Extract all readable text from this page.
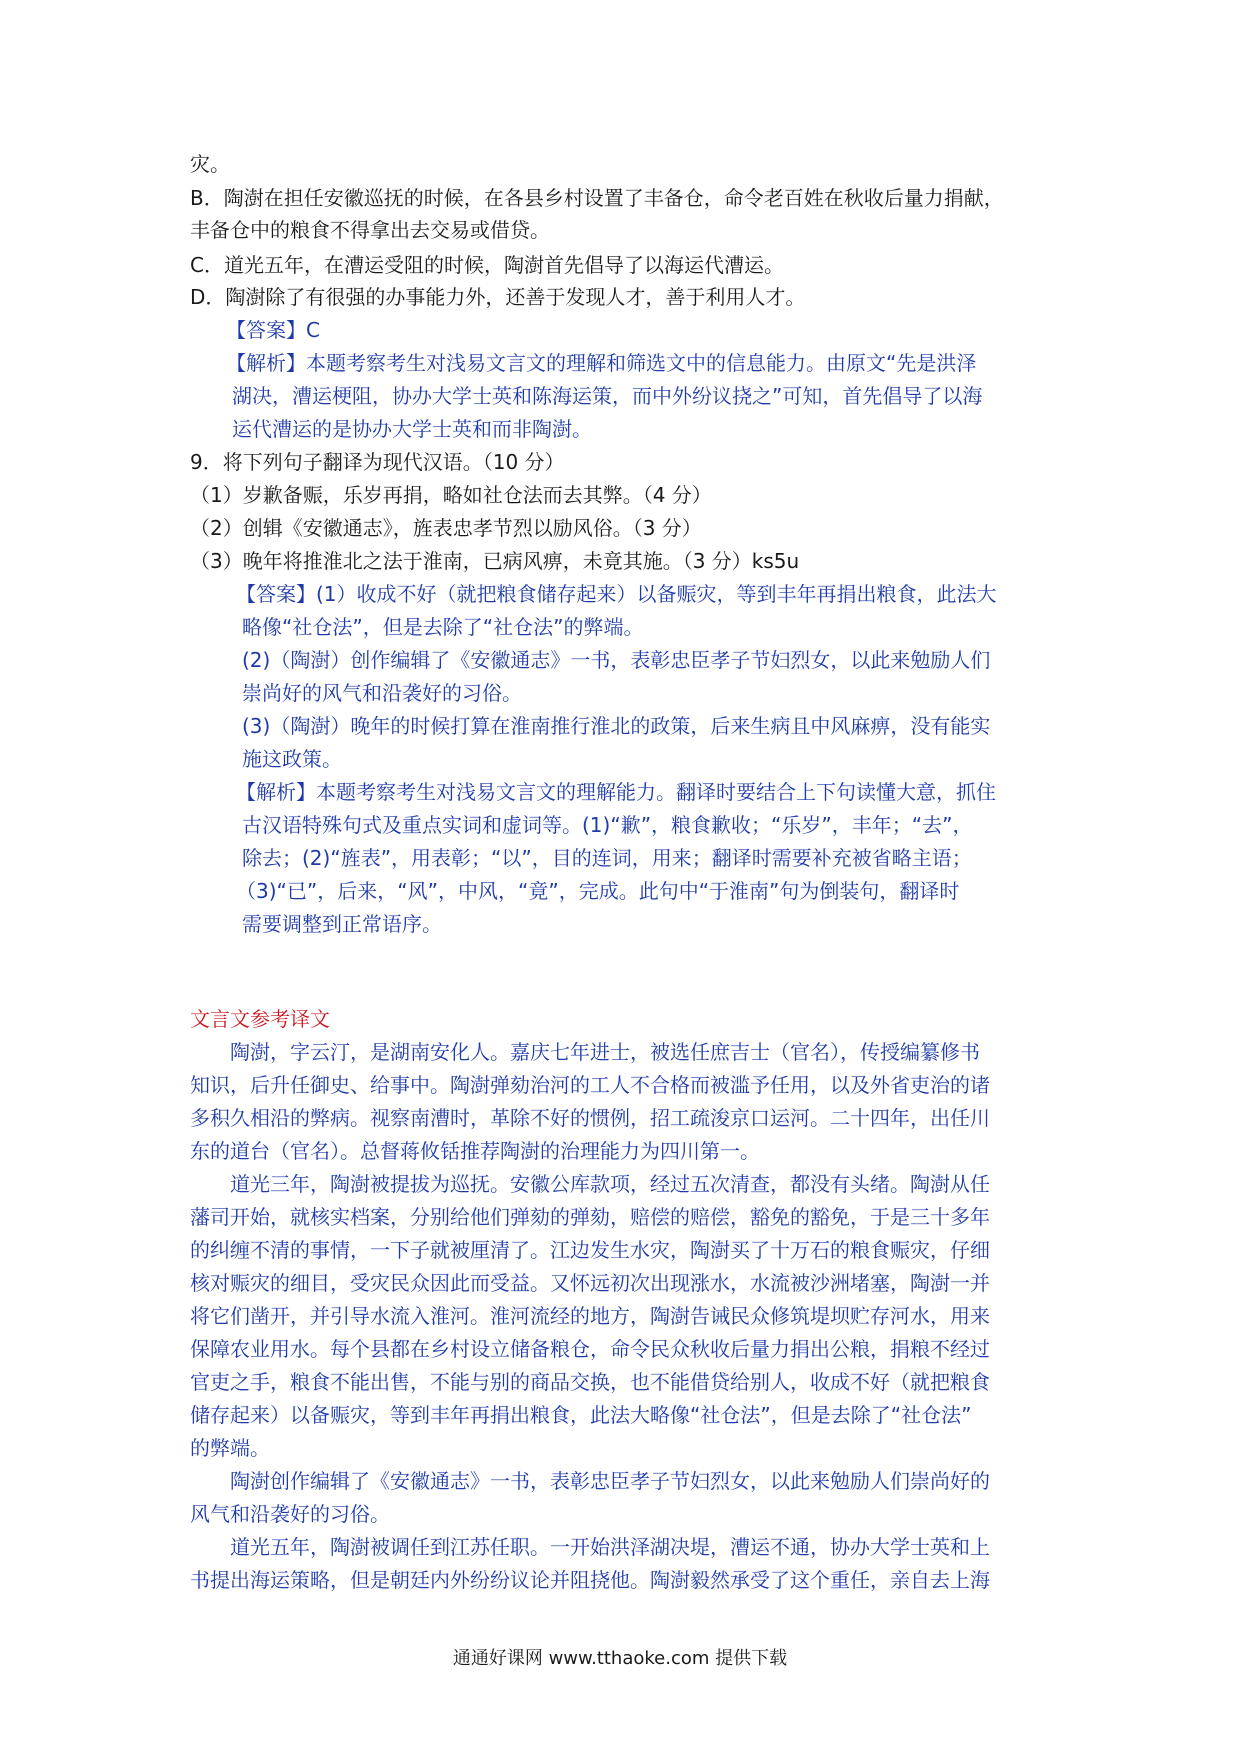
灾。
B．陶澍在担任安徽巡抚的时候，在各县乡村设置了丰备仓，命令老百姓在秋收后量力捐献，
丰备仓中的粮食不得拿出去交易或借贷。
C．道光五年，在漕运受阻的时候，陶澍首先倡导了以海运代漕运。
D．陶澍除了有很强的办事能力外，还善于发现人才，善于利用人才。
【答案】C
【解析】本题考察考生对浅易文言文的理解和筛选文中的信息能力。由原文“先是洪泽
湖决，漕运梗阻，协办大学士英和陈海运策，而中外纷议挠之”可知，首先倡导了以海
运代漕运的是协办大学士英和而非陶澍。
9．将下列句子翻译为现代汉语。（10 分）
（1）岁歉备赈，乐岁再捐，略如社仓法而去其弊。（4 分）
（2）创辑《安徽通志》，旌表忠孝节烈以励风俗。（3 分）
（3）晚年将推淮北之法于淮南，已病风痹，未竟其施。（3 分）ks5u
【答案】(1）收成不好（就把粮食储存起来）以备赈灾，等到丰年再捐出粮食，此法大
略像“社仓法”，但是去除了“社仓法”的弊端。
(2)（陶澍）创作编辑了《安徽通志》一书，表彰忠臣孝子节妇烈女，以此来勉励人们
崇尚好的风气和沿袭好的习俗。
(3)（陶澍）晚年的时候打算在淮南推行淮北的政策，后来生病且中风麻痹，没有能实
施这政策。
【解析】本题考察考生对浅易文言文的理解能力。翻译时要结合上下句读懂大意，抓住
古汉语特殊句式及重点实词和虚词等。(1)“歉”，粮食歉收；“乐岁”，丰年；“去”，
除去；(2)“旌表”，用表彰；“以”，目的连词，用来；翻译时需要补充被省略主语；
（3)“已”，后来，“风”，中风，“竟”，完成。此句中“于淮南”句为倒装句，翻译时
需要调整到正常语序。
文言文参考译文
陶澍，字云汀，是湖南安化人。嘉庆七年进士，被选任庶吉士（官名），传授编纂修书
知识，后升任御史、给事中。陶澍弹劾治河的工人不合格而被滥予任用，以及外省吏治的诸
多积久相沿的弊病。视察南漕时，革除不好的惯例，招工疏浚京口运河。二十四年，出任川
东的道台（官名）。总督蒋攸铦推荐陶澍的治理能力为四川第一。
道光三年，陶澍被提拔为巡抚。安徽公库款项，经过五次清查，都没有头绪。陶澍从任
藩司开始，就核实档案，分别给他们弹劾的弹劾，赔偿的赔偿，豁免的豁免，于是三十多年
的纠缠不清的事情，一下子就被厘清了。江边发生水灾，陶澍买了十万石的粮食赈灾，仔细
核对赈灾的细目，受灾民众因此而受益。又怀远初次出现涨水，水流被沙洲堵塞，陶澍一并
将它们凿开，并引导水流入淮河。淮河流经的地方，陶澍告诫民众修筑堤坝贮存河水，用来
保障农业用水。每个县都在乡村设立储备粮仓，命令民众秋收后量力捐出公粮，捐粮不经过
官吏之手，粮食不能出售，不能与别的商品交换，也不能借贷给别人，收成不好（就把粮食
储存起来）以备赈灾，等到丰年再捐出粮食，此法大略像“社仓法”，但是去除了“社仓法”
的弊端。
陶澍创作编辑了《安徽通志》一书，表彰忠臣孝子节妇烈女，以此来勉励人们崇尚好的
风气和沿袭好的习俗。
道光五年，陶澍被调任到江苏任职。一开始洪泽湖决堤，漕运不通，协办大学士英和上
书提出海运策略，但是朝廷内外纷纷议论并阻挠他。陶澍毅然承受了这个重任，亲自去上海
通通好课网 www.tthaoke.com 提供下载
